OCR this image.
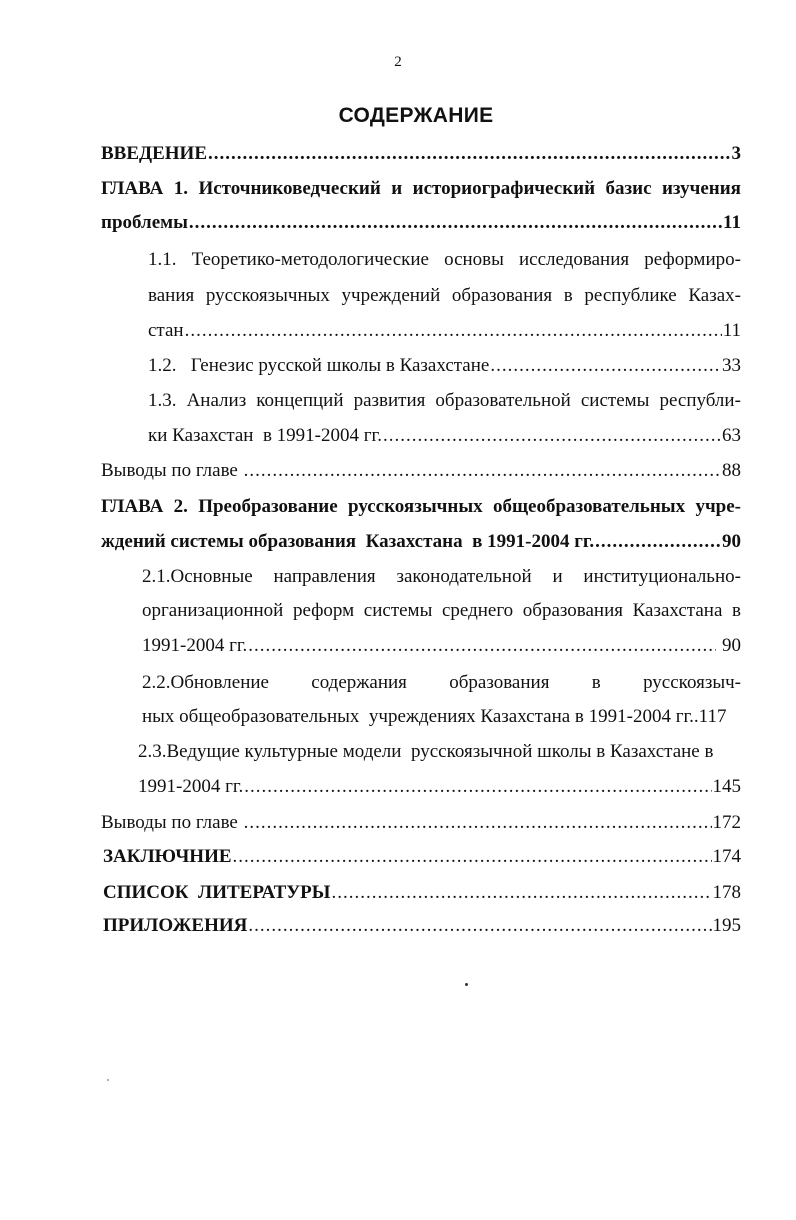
2
СОДЕРЖАНИЕ
ВВЕДЕНИЕ .....	3
ГЛАВА 1. Источниковедческий и историографический базис изучения
проблемы .....	11
1.1. Теоретико-методологические основы исследования реформиро-
вания русскоязычных учреждений образования в республике Казах-
стан .....	11
1.2.   Генезис русской школы в Казахстане .....	33
1.3. Анализ концепций развития образовательной системы республи-
ки Казахстан  в 1991-2004 гг. .....	63
Выводы по главе .....	88
ГЛАВА 2. Преобразование русскоязычных общеобразовательных учре-
ждений системы образования  Казахстана  в 1991-2004 гг. .....	90
2.1.Основные направления законодательной и институционально-
организационной реформ системы среднего образования Казахстана в
1991-2004 гг. .....	90
2.2.Обновление содержания образования в русскоязыч-
ных общеобразовательных  учреждениях Казахстана в 1991-2004 гг..117
2.3.Ведущие культурные модели  русскоязычной школы в Казахстане в
1991-2004 гг. .....	145
Выводы по главе .....	172
ЗАКЛЮЧНИЕ .....	174
СПИСОК  ЛИТЕРАТУРЫ .....	178
ПРИЛОЖЕНИЯ .....	195
